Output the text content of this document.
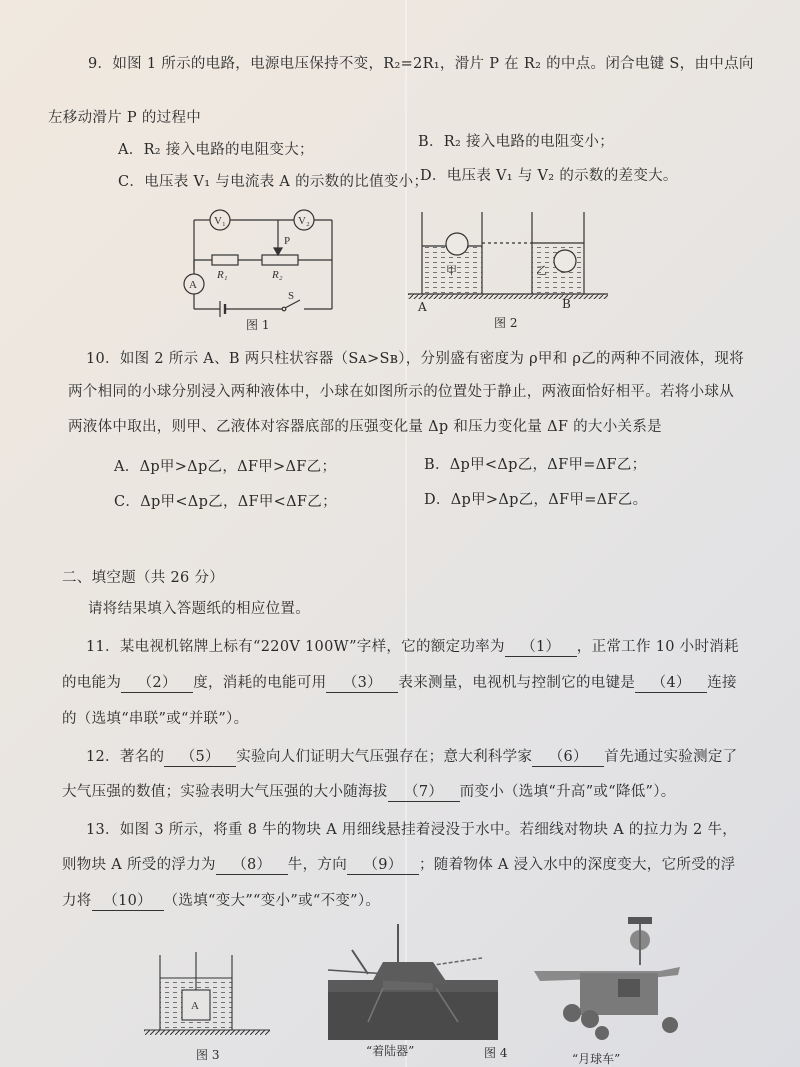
9．如图 1 所示的电路，电源电压保持不变，R₂=2R₁，滑片 P 在 R₂ 的中点。闭合电键 S，由中点向
左移动滑片 P 的过程中
A．R₂ 接入电路的电阻变大；	B．R₂ 接入电路的电阻变小；
C．电压表 V₁ 与电流表 A 的示数的比值变小；
D．电压表 V₁ 与 V₂ 的示数的差变大。
V₁	V₂
A
R₁	R₂
P
S
图 1
甲	乙
A	B
图 2
10．如图 2 所示 A、B 两只柱状容器（Sᴀ>Sʙ），分别盛有密度为 ρ甲和 ρ乙的两种不同液体，现将
两个相同的小球分别浸入两种液体中，小球在如图所示的位置处于静止，两液面恰好相平。若将小球从
两液体中取出，则甲、乙液体对容器底部的压强变化量 Δp 和压力变化量 ΔF 的大小关系是
A．Δp甲>Δp乙，ΔF甲>ΔF乙；	B．Δp甲<Δp乙，ΔF甲=ΔF乙；
C．Δp甲<Δp乙，ΔF甲<ΔF乙；	D．Δp甲>Δp乙，ΔF甲=ΔF乙。
二、填空题（共 26 分）
请将结果填入答题纸的相应位置。
11．某电视机铭牌上标有“220V 100W”字样，它的额定功率为 （1） ，正常工作 10 小时消耗
的电能为 （2） 度，消耗的电能可用 （3） 表来测量，电视机与控制它的电键是 （4） 连接
的（选填“串联”或“并联”）。
12．著名的 （5） 实验向人们证明大气压强存在；意大利科学家 （6） 首先通过实验测定了
大气压强的数值；实验表明大气压强的大小随海拔 （7） 而变小（选填“升高”或“降低”）。
13．如图 3 所示，将重 8 牛的物块 A 用细线悬挂着浸没于水中。若细线对物块 A 的拉力为 2 牛，
则物块 A 所受的浮力为 （8） 牛，方向 （9） ；随着物体 A 浸入水中的深度变大，它所受的浮
力将 （10） （选填“变大”“变小”或“不变”）。
A
图 3	“着陆器”	图 4	“月球车”
